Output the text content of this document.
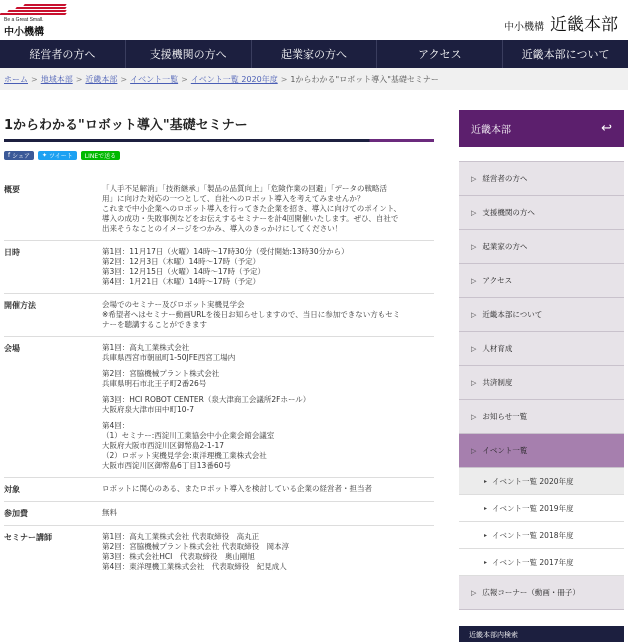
Be a Great Small.
中小機構	中小機構 近畿本部
経営者の方へ	支援機関の方へ	起業家の方へ	アクセス	近畿本部について
ホーム > 地域本部 > 近畿本部 > イベント一覧 > イベント一覧 2020年度 > 1からわかる"ロボット導入"基礎セミナー
1からわかる"ロボット導入"基礎セミナー
f シェア ✦ ツイート LINEで送る
概要	「人手不足解消」「技術継承」「製品の品質向上」「危険作業の回避」「データの戦略活

用」に向けた対応の一つとして、自社へのロボット導入を考えてみませんか？

これまで中小企業へのロボット導入を行ってきた企業を招き、導入に向けてのポイント、

導入の成功・失敗事例などをお伝えするセミナーを計4回開催いたします。ぜひ、自社で

出来そうなことのイメージをつかみ、導入のきっかけにしてください！

日時	第1回：11月17日（火曜）14時〜17時30分（受付開始:13時30分から）

第2回：12月3日（木曜）14時〜17時（予定）

第3回：12月15日（火曜）14時〜17時（予定）

第4回：1月21日（木曜）14時〜17時（予定）

開催方法	会場でのセミナー及びロボット実機見学会

※希望者へはセミナー動画URLを後日お知らせしますので、当日に参加できない方もセミ

ナーを聴講することができます

会場	第1回：高丸工業株式会社

兵庫県西宮市朝凪町1-50JFE西宮工場内

第2回：宮脇機械プラント株式会社

兵庫県明石市北王子町2番26号

第3回：HCI ROBOT CENTER（泉大津商工会議所2Fホール）

大阪府泉大津市田中町10-7

第4回：

（1）セミナー:西淀川工業協会中小企業会館会議室

大阪府大阪市西淀川区御幣島2-1-17

（2）ロボット実機見学会:東洋理機工業株式会社

大阪市西淀川区御幣島6丁目13番60号

対象	ロボットに関心のある、またロボット導入を検討している企業の経営者・担当者

参加費	無料

セミナー講師	第1回：高丸工業株式会社 代表取締役　高丸正

第2回：宮脇機械プラント株式会社 代表取締役　岡本淳

第3回：株式会社HCI　代表取締役　奥山剛旭

第4回：東洋理機工業株式会社　代表取締役　紀見成人

近畿本部	↩
▷ 経営者の方へ
▷ 支援機関の方へ
▷ 起業家の方へ
▷ アクセス
▷ 近畿本部について
▷ 人材育成
▷ 共済制度
▷ お知らせ一覧
▷ イベント一覧
▸ イベント一覧 2020年度
▸ イベント一覧 2019年度
▸ イベント一覧 2018年度
▸ イベント一覧 2017年度
▷ 広報コーナー（動画・冊子）
近畿本部内検索
